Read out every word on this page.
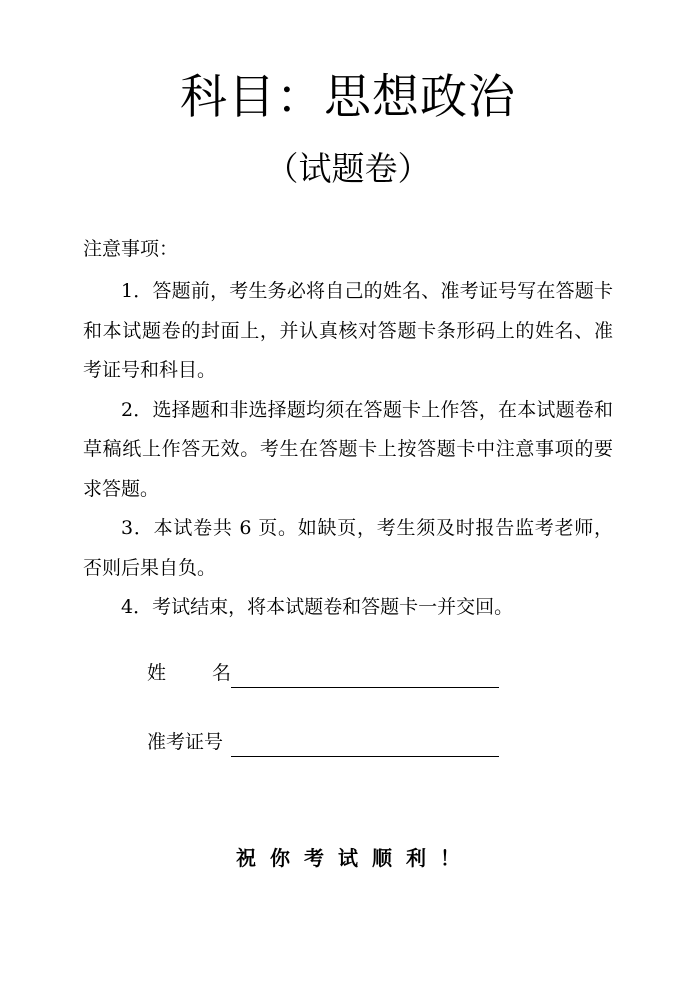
科目：思想政治
（试题卷）
注意事项：
1．答题前，考生务必将自己的姓名、准考证号写在答题卡和本试题卷的封面上，并认真核对答题卡条形码上的姓名、准考证号和科目。
2．选择题和非选择题均须在答题卡上作答，在本试题卷和草稿纸上作答无效。考生在答题卡上按答题卡中注意事项的要求答题。
3．本试卷共 6 页。如缺页，考生须及时报告监考老师，否则后果自负。
4．考试结束，将本试题卷和答题卡一并交回。
姓 名
准考证号
祝你考试顺利！
